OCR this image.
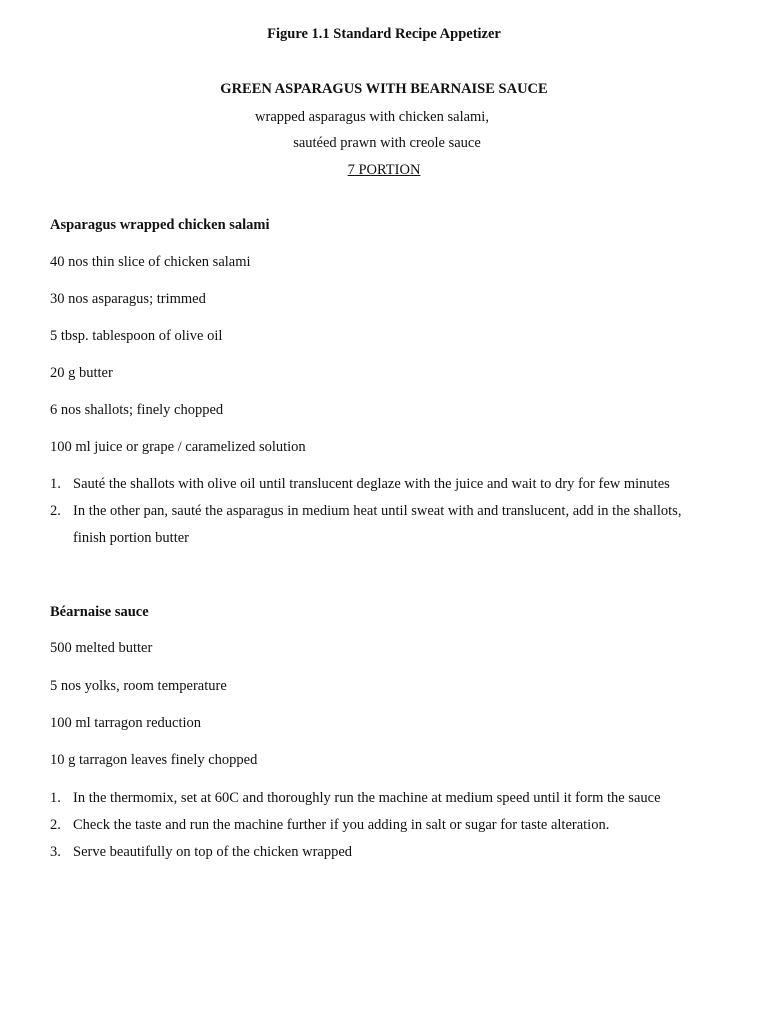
Figure 1.1 Standard Recipe Appetizer
GREEN ASPARAGUS WITH BEARNAISE SAUCE
wrapped asparagus with chicken salami,
sautéed prawn with creole sauce
7 PORTION
Asparagus wrapped chicken salami
40 nos thin slice of chicken salami
30 nos asparagus; trimmed
5 tbsp. tablespoon of olive oil
20 g butter
6 nos shallots; finely chopped
100 ml juice or grape / caramelized solution
1. Sauté the shallots with olive oil until translucent deglaze with the juice and wait to dry for few minutes
2. In the other pan, sauté the asparagus in medium heat until sweat with and translucent, add in the shallots,
finish portion butter
Béarnaise sauce
500 melted butter
5 nos yolks, room temperature
100 ml tarragon reduction
10 g tarragon leaves finely chopped
1. In the thermomix, set at 60C and thoroughly run the machine at medium speed until it form the sauce
2. Check the taste and run the machine further if you adding in salt or sugar for taste alteration.
3. Serve beautifully on top of the chicken wrapped
